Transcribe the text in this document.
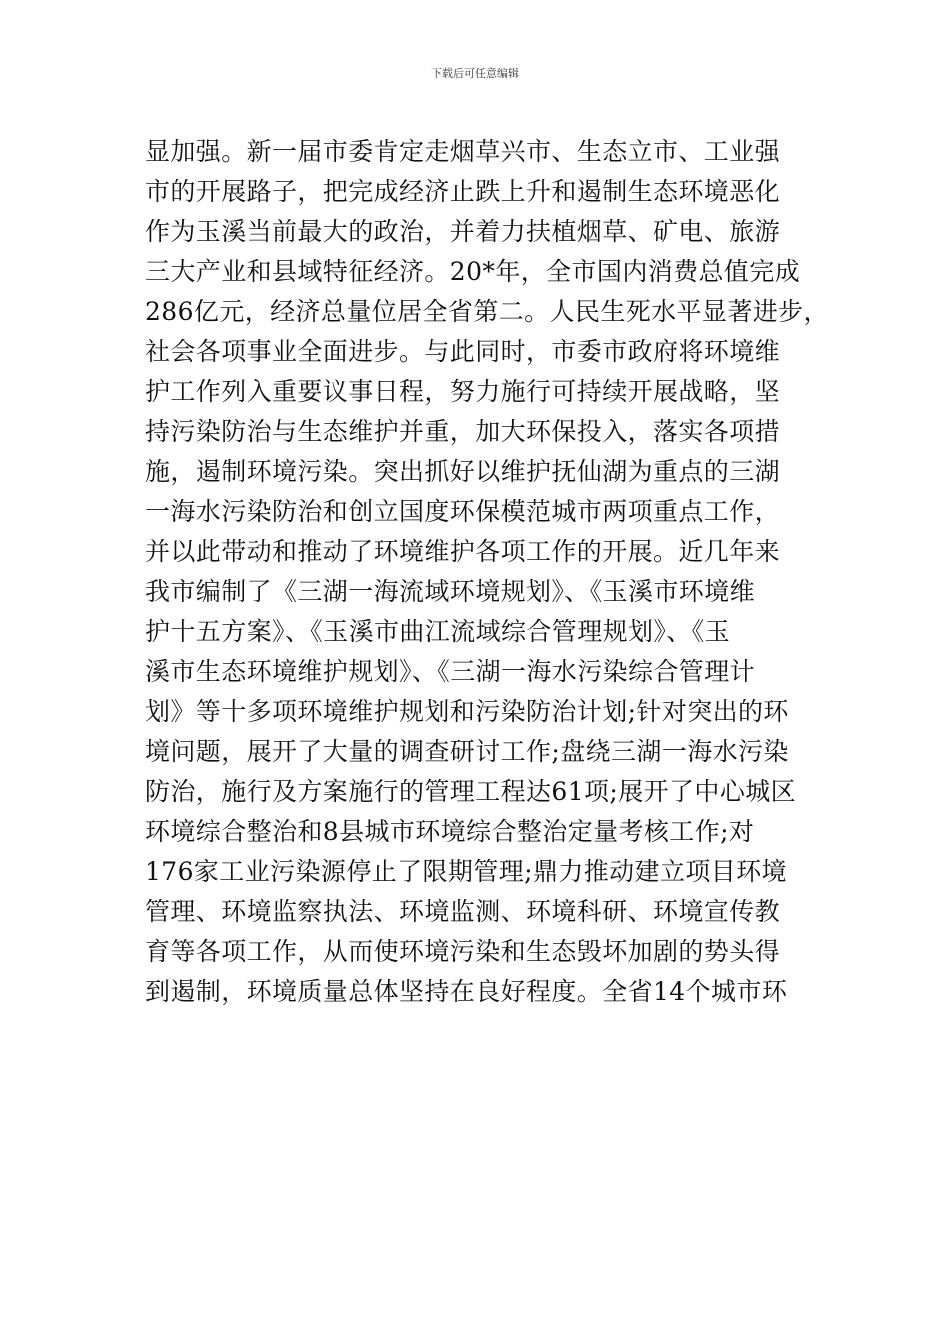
下载后可任意编辑
显加强。新一届市委肯定走烟草兴市、生态立市、工业强
市的开展路子，把完成经济止跌上升和遏制生态环境恶化
作为玉溪当前最大的政治，并着力扶植烟草、矿电、旅游
三大产业和县域特征经济。20*年，全市国内消费总值完成
286亿元，经济总量位居全省第二。人民生死水平显著进步，
社会各项事业全面进步。与此同时，市委市政府将环境维
护工作列入重要议事日程，努力施行可持续开展战略，坚
持污染防治与生态维护并重，加大环保投入，落实各项措
施，遏制环境污染。突出抓好以维护抚仙湖为重点的三湖
一海水污染防治和创立国度环保模范城市两项重点工作，
并以此带动和推动了环境维护各项工作的开展。近几年来
我市编制了《三湖一海流域环境规划》、《玉溪市环境维
护十五方案》、《玉溪市曲江流域综合管理规划》、《玉
溪市生态环境维护规划》、《三湖一海水污染综合管理计
划》等十多项环境维护规划和污染防治计划;针对突出的环
境问题，展开了大量的调查研讨工作;盘绕三湖一海水污染
防治，施行及方案施行的管理工程达61项;展开了中心城区
环境综合整治和8县城市环境综合整治定量考核工作;对
176家工业污染源停止了限期管理;鼎力推动建立项目环境
管理、环境监察执法、环境监测、环境科研、环境宣传教
育等各项工作，从而使环境污染和生态毁坏加剧的势头得
到遏制，环境质量总体坚持在良好程度。全省14个城市环
